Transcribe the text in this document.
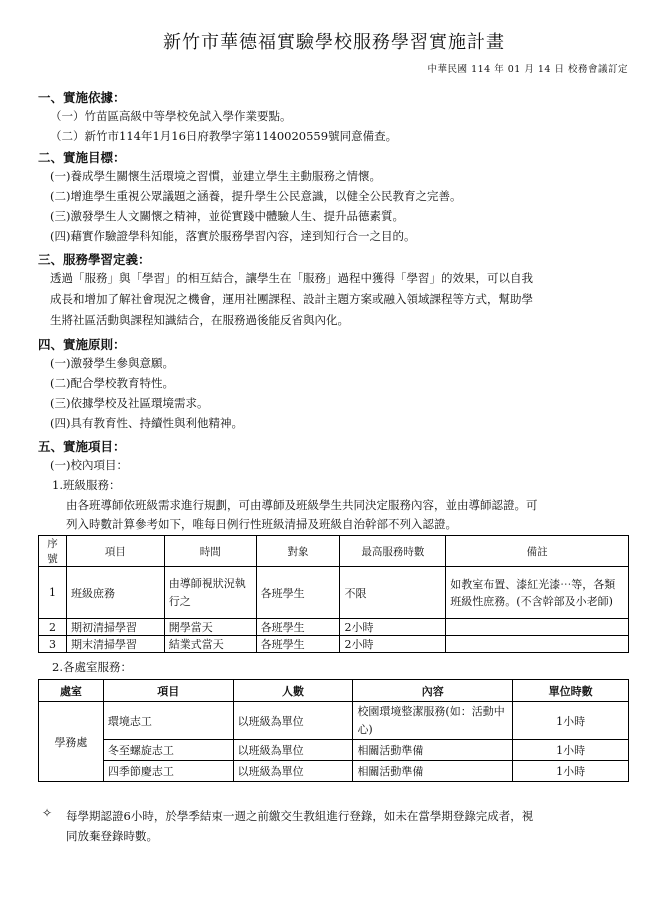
新竹市華德福實驗學校服務學習實施計畫
中華民國 114 年 01 月 14 日 校務會議訂定
一、實施依據：
（一）竹苗區高級中等學校免試入學作業要點。
（二）新竹市114年1月16日府教學字第1140020559號同意備查。
二、實施目標：
(一)養成學生關懷生活環境之習慣，並建立學生主動服務之情懷。
(二)增進學生重視公眾議題之涵養，提升學生公民意識，以健全公民教育之完善。
(三)激發學生人文關懷之精神，並從實踐中體驗人生、提升品德素質。
(四)藉實作驗證學科知能，落實於服務學習內容，達到知行合一之目的。
三、服務學習定義：
透過「服務」與「學習」的相互結合，讓學生在「服務」過程中獲得「學習」的效果，可以自我
成長和增加了解社會現況之機會，運用社團課程、設計主題方案或融入領域課程等方式，幫助學
生將社區活動與課程知識結合，在服務過後能反省與內化。
四、實施原則：
(一)激發學生參與意願。
(二)配合學校教育特性。
(三)依據學校及社區環境需求。
(四)具有教育性、持續性與利他精神。
五、實施項目：
(一)校內項目：
1.班級服務：
由各班導師依班級需求進行規劃，可由導師及班級學生共同決定服務內容，並由導師認證。可
列入時數計算參考如下，唯每日例行性班級清掃及班級自治幹部不列入認證。
序號	項目	時間	對象	最高服務時數	備註
1	班級庶務	由導師視狀況執行之	各班學生	不限	如教室布置、漆紅光漆⋯等，各類班級性庶務。(不含幹部及小老師)
2	期初清掃學習	開學當天	各班學生	2小時	
3	期末清掃學習	結業式當天	各班學生	2小時	
2.各處室服務：
處室	項目	人數	內容	單位時數
學務處	環境志工	以班級為單位	校園環境整潔服務(如：活動中心)	1小時
	冬至螺旋志工	以班級為單位	相關活動準備	1小時
	四季節慶志工	以班級為單位	相關活動準備	1小時
✧ 每學期認證6小時，於學季結束一週之前繳交生教組進行登錄，如未在當學期登錄完成者，視
同放棄登錄時數。
